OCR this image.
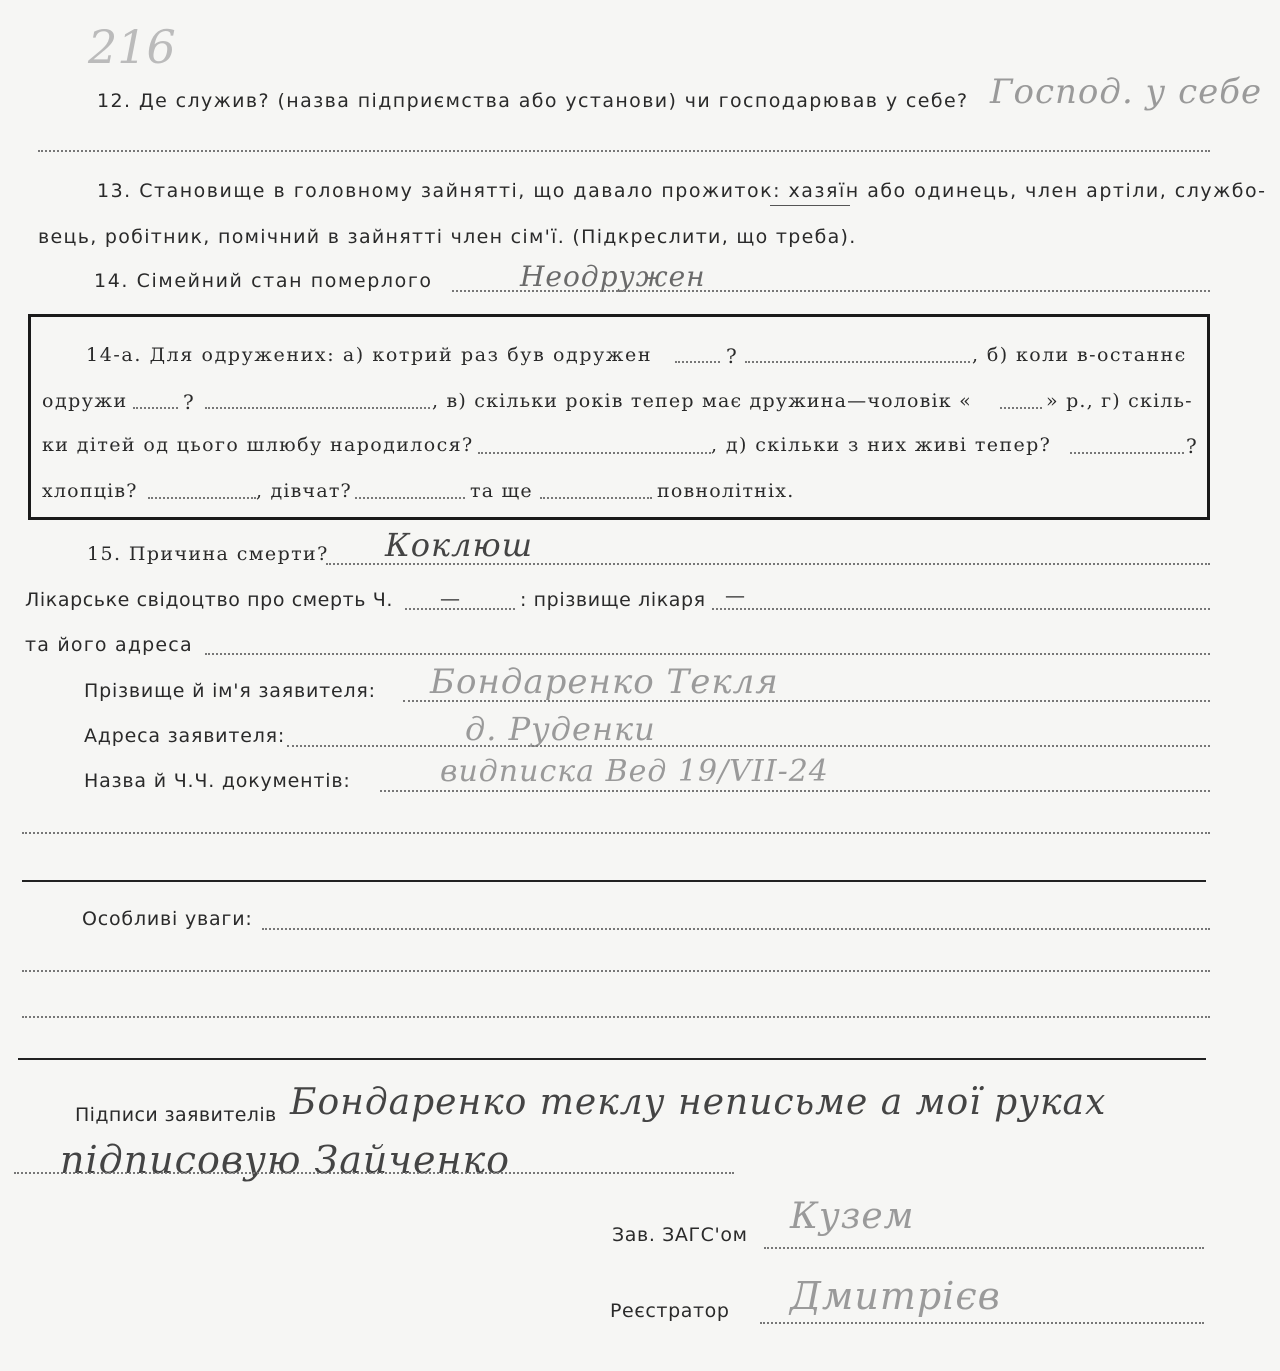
216
12. Де служив? (назва підприємства або установи) чи господарював у себе? Господ. у себе
13. Становище в головному зайнятті, що давало прожиток: хазяїн або одинець, член артіли, службо-
вець, робітник, помічний в зайнятті член сім'ї. (Підкреслити, що треба).
14. Сімейний стан померлого	Неодружен
14-а. Для одружених: а) котрий раз був одружен	?	, б) коли в-останнє
одружи	?	, в) скільки років тепер має дружина—чоловік «	» р., г) скіль-
ки дітей од цього шлюбу народилося?	, д) скільки з них живі тепер?	?
хлопців?	, дівчат?	та ще	повнолітніх.
15. Причина смерти? Коклюш
Лікарське свідоцтво про смерть Ч. —	: прізвище лікаря —
та його адреса
Прізвище й ім'я заявителя: Бондаренко Текля
Адреса заявителя:	д. Руденки
Назва й Ч.Ч. документів:	видписка Вед 19/VII-24
Особливі уваги:
Підписи заявителів Бондаренко теклу неписьме а мої руках
підписовую Зайченко
Зав. ЗАГС'ом Кузем
Реєстратор Дмитрієв
